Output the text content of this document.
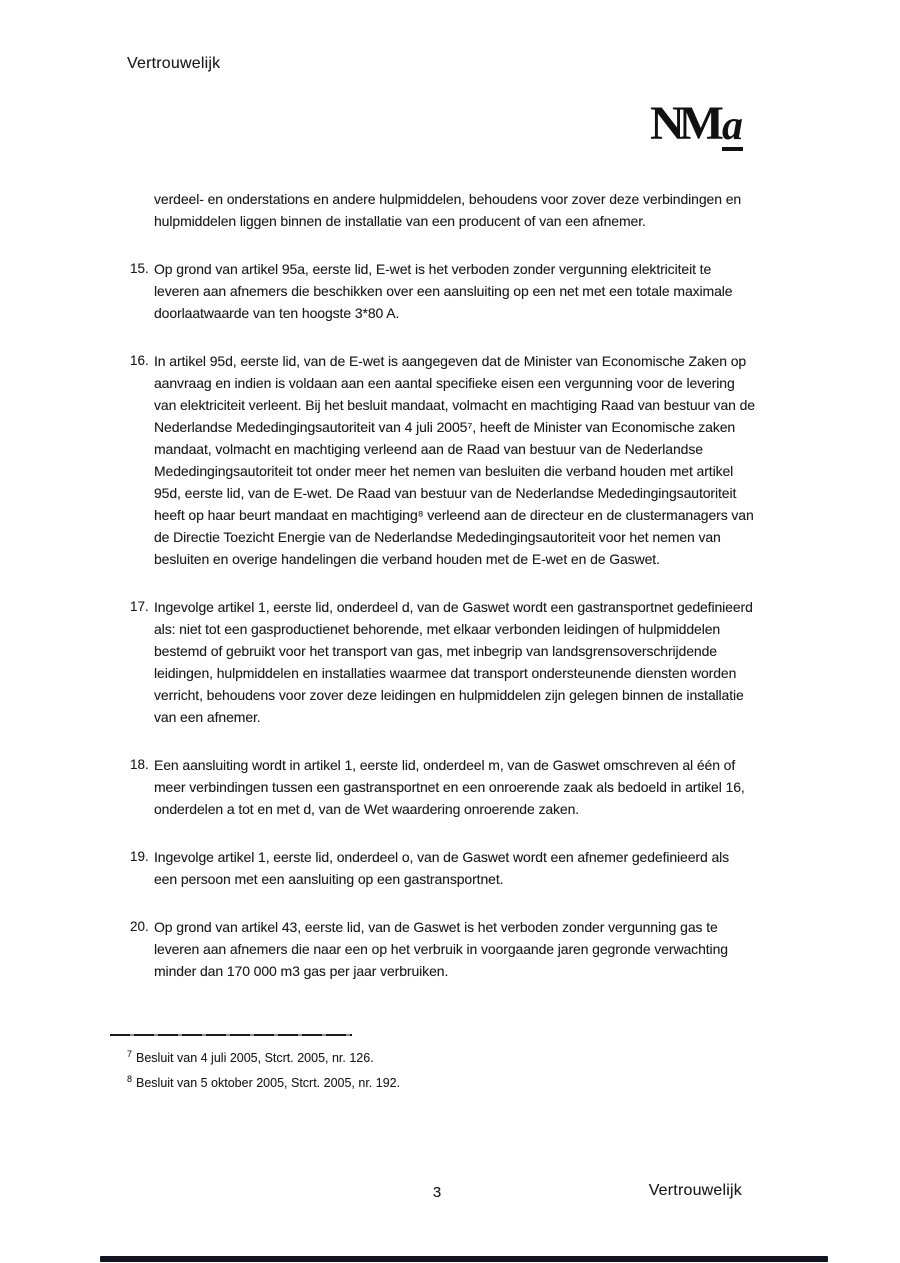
Vertrouwelijk
NMa
verdeel- en onderstations en andere hulpmiddelen, behoudens voor zover deze verbindingen en hulpmiddelen liggen binnen de installatie van een producent of van een afnemer.
15. Op grond van artikel 95a, eerste lid, E-wet is het verboden zonder vergunning elektriciteit te leveren aan afnemers die beschikken over een aansluiting op een net met een totale maximale doorlaatwaarde van ten hoogste 3*80 A.
16. In artikel 95d, eerste lid, van de E-wet is aangegeven dat de Minister van Economische Zaken op aanvraag en indien is voldaan aan een aantal specifieke eisen een vergunning voor de levering van elektriciteit verleent. Bij het besluit mandaat, volmacht en machtiging Raad van bestuur van de Nederlandse Mededingingsautoriteit van 4 juli 2005⁷, heeft de Minister van Economische zaken mandaat, volmacht en machtiging verleend aan de Raad van bestuur van de Nederlandse Mededingingsautoriteit tot onder meer het nemen van besluiten die verband houden met artikel 95d, eerste lid, van de E-wet. De Raad van bestuur van de Nederlandse Mededingingsautoriteit heeft op haar beurt mandaat en machtiging⁸ verleend aan de directeur en de clustermanagers van de Directie Toezicht Energie van de Nederlandse Mededingingsautoriteit voor het nemen van besluiten en overige handelingen die verband houden met de E-wet en de Gaswet.
17. Ingevolge artikel 1, eerste lid, onderdeel d, van de Gaswet wordt een gastransportnet gedefinieerd als: niet tot een gasproductienet behorende, met elkaar verbonden leidingen of hulpmiddelen bestemd of gebruikt voor het transport van gas, met inbegrip van landsgrensoverschrijdende leidingen, hulpmiddelen en installaties waarmee dat transport ondersteunende diensten worden verricht, behoudens voor zover deze leidingen en hulpmiddelen zijn gelegen binnen de installatie van een afnemer.
18. Een aansluiting wordt in artikel 1, eerste lid, onderdeel m, van de Gaswet omschreven al één of meer verbindingen tussen een gastransportnet en een onroerende zaak als bedoeld in artikel 16, onderdelen a tot en met d, van de Wet waardering onroerende zaken.
19. Ingevolge artikel 1, eerste lid, onderdeel o, van de Gaswet wordt een afnemer gedefinieerd als een persoon met een aansluiting op een gastransportnet.
20. Op grond van artikel 43, eerste lid, van de Gaswet is het verboden zonder vergunning gas te leveren aan afnemers die naar een op het verbruik in voorgaande jaren gegronde verwachting minder dan 170 000 m3 gas per jaar verbruiken.
$^7$ Besluit van 4 juli 2005, Stcrt. 2005, nr. 126.
$^8$ Besluit van 5 oktober 2005, Stcrt. 2005, nr. 192.
3	Vertrouwelijk
